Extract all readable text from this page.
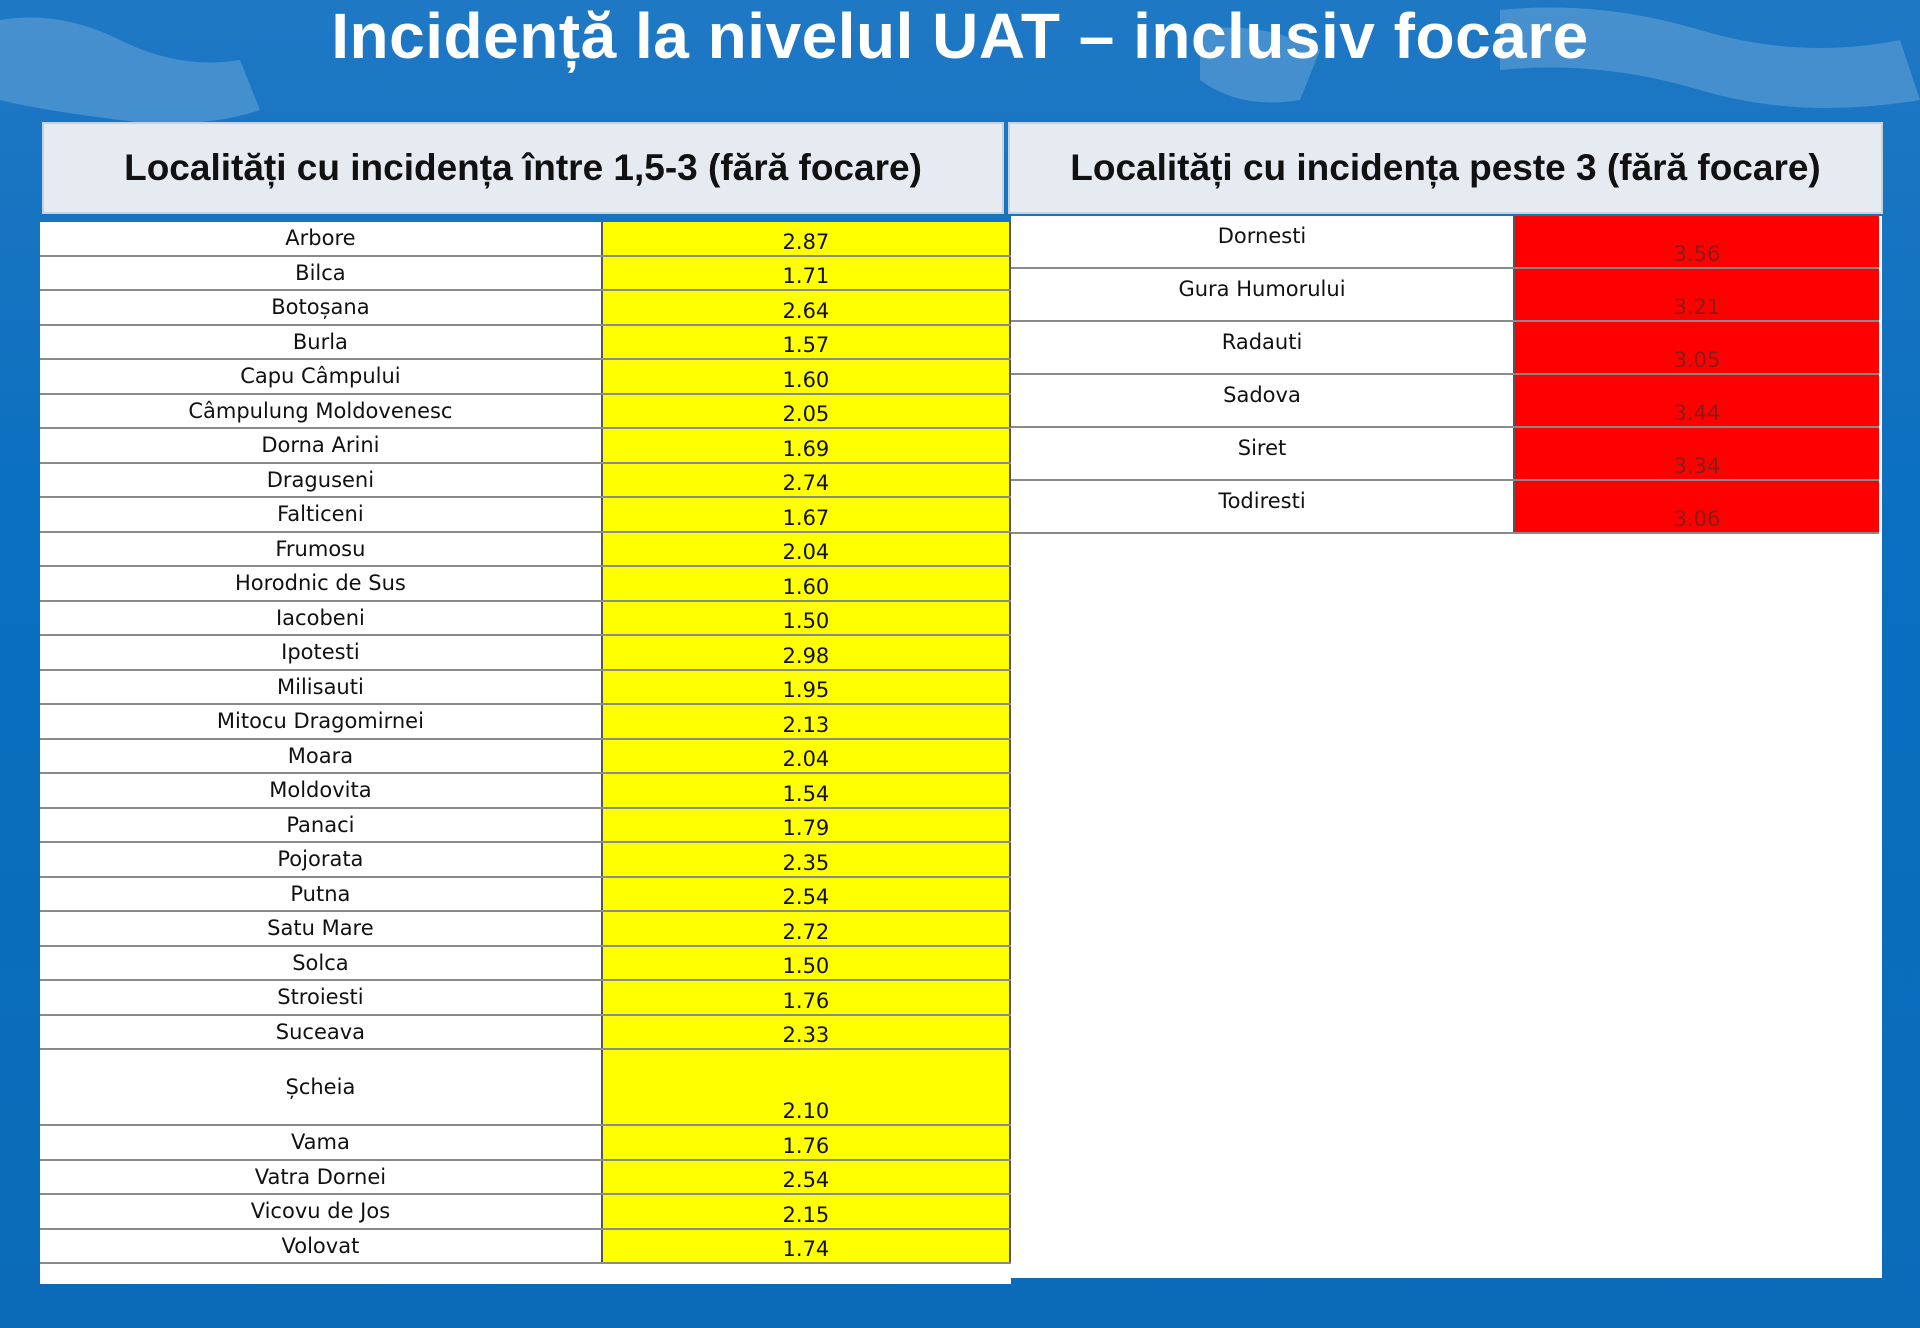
Incidență la nivelul UAT – inclusiv focare
Localități cu incidența între 1,5-3 (fără focare)	Localități cu incidența peste 3 (fără focare)
Arbore	2.87
Bilca	1.71
Botoșana	2.64
Burla	1.57
Capu Câmpului	1.60
Câmpulung Moldovenesc	2.05
Dorna Arini	1.69
Draguseni	2.74
Falticeni	1.67
Frumosu	2.04
Horodnic de Sus	1.60
Iacobeni	1.50
Ipotesti	2.98
Milisauti	1.95
Mitocu Dragomirnei	2.13
Moara	2.04
Moldovita	1.54
Panaci	1.79
Pojorata	2.35
Putna	2.54
Satu Mare	2.72
Solca	1.50
Stroiesti	1.76
Suceava	2.33
Șcheia	2.10
Vama	1.76
Vatra Dornei	2.54
Vicovu de Jos	2.15
Volovat	1.74
Dornesti	3.56
Gura Humorului	3.21
Radauti	3.05
Sadova	3.44
Siret	3.34
Todiresti	3.06
